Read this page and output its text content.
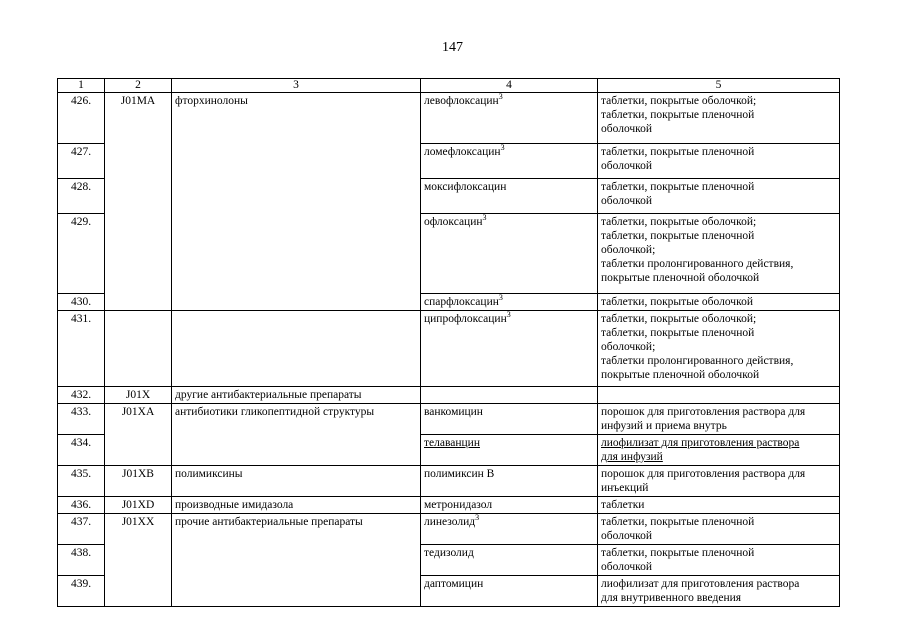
147
1	2	3	4	5
426.	J01MA	фторхинолоны	левофлоксацин$^3$	таблетки, покрытые оболочкой;
таблетки, покрытые пленочной
оболочкой

427.			ломефлоксацин$^3$	таблетки, покрытые пленочной
оболочкой

428.			моксифлоксацин	таблетки, покрытые пленочной
оболочкой

429.			офлоксацин$^3$	таблетки, покрытые оболочкой;
таблетки, покрытые пленочной
оболочкой;
таблетки пролонгированного действия,
покрытые пленочной оболочкой

430.			спарфлоксацин$^3$	таблетки, покрытые оболочкой

431.			ципрофлоксацин$^3$	таблетки, покрытые оболочкой;
таблетки, покрытые пленочной
оболочкой;
таблетки пролонгированного действия,
покрытые пленочной оболочкой

432.	J01X	другие антибактериальные препараты		
433.	J01XA	антибиотики гликопептидной структуры	ванкомицин	порошок для приготовления раствора для
инфузий и приема внутрь

434.			телаванцин	лиофилизат для приготовления раствора
для инфузий

435.	J01XB	полимиксины	полимиксин B	порошок для приготовления раствора для
инъекций

436.	J01XD	производные имидазола	метронидазол	таблетки

437.	J01XX	прочие антибактериальные препараты	линезолид$^3$	таблетки, покрытые пленочной
оболочкой

438.			тедизолид	таблетки, покрытые пленочной
оболочкой

439.			даптомицин	лиофилизат для приготовления раствора
для внутривенного введения
